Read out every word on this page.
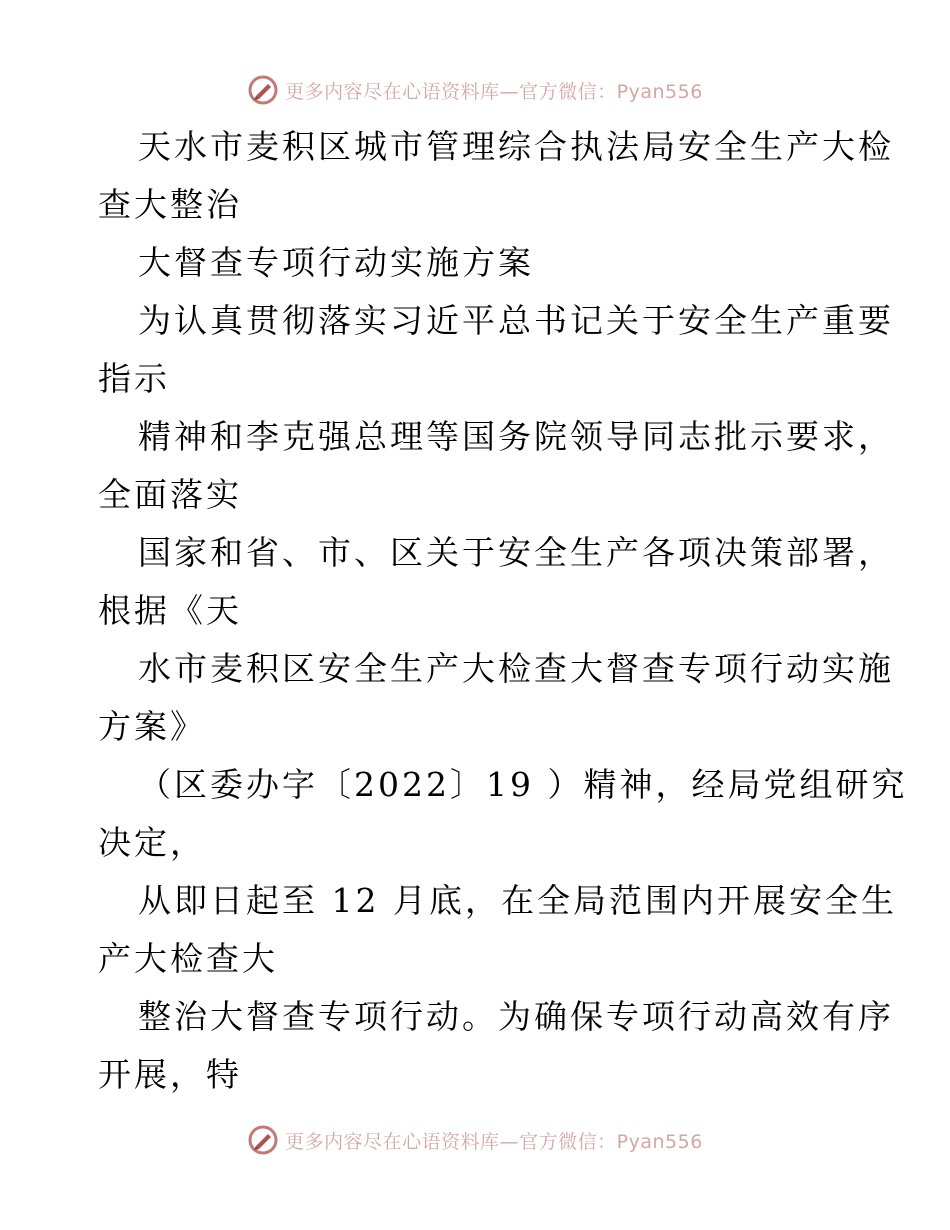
更多内容尽在心语资料库—官方微信：Pyan556

天水市麦积区城市管理综合执法局安全生产大检
查大整治

大督查专项行动实施方案

为认真贯彻落实习近平总书记关于安全生产重要
指示

精神和李克强总理等国务院领导同志批示要求，
全面落实

国家和省、市、区关于安全生产各项决策部署，
根据《天

水市麦积区安全生产大检查大督查专项行动实施
方案》

（区委办字〔2022〕19 ）精神，经局党组研究
决定，

从即日起至 12 月底，在全局范围内开展安全生
产大检查大

整治大督查专项行动。为确保专项行动高效有序
开展，特

更多内容尽在心语资料库—官方微信：Pyan556
